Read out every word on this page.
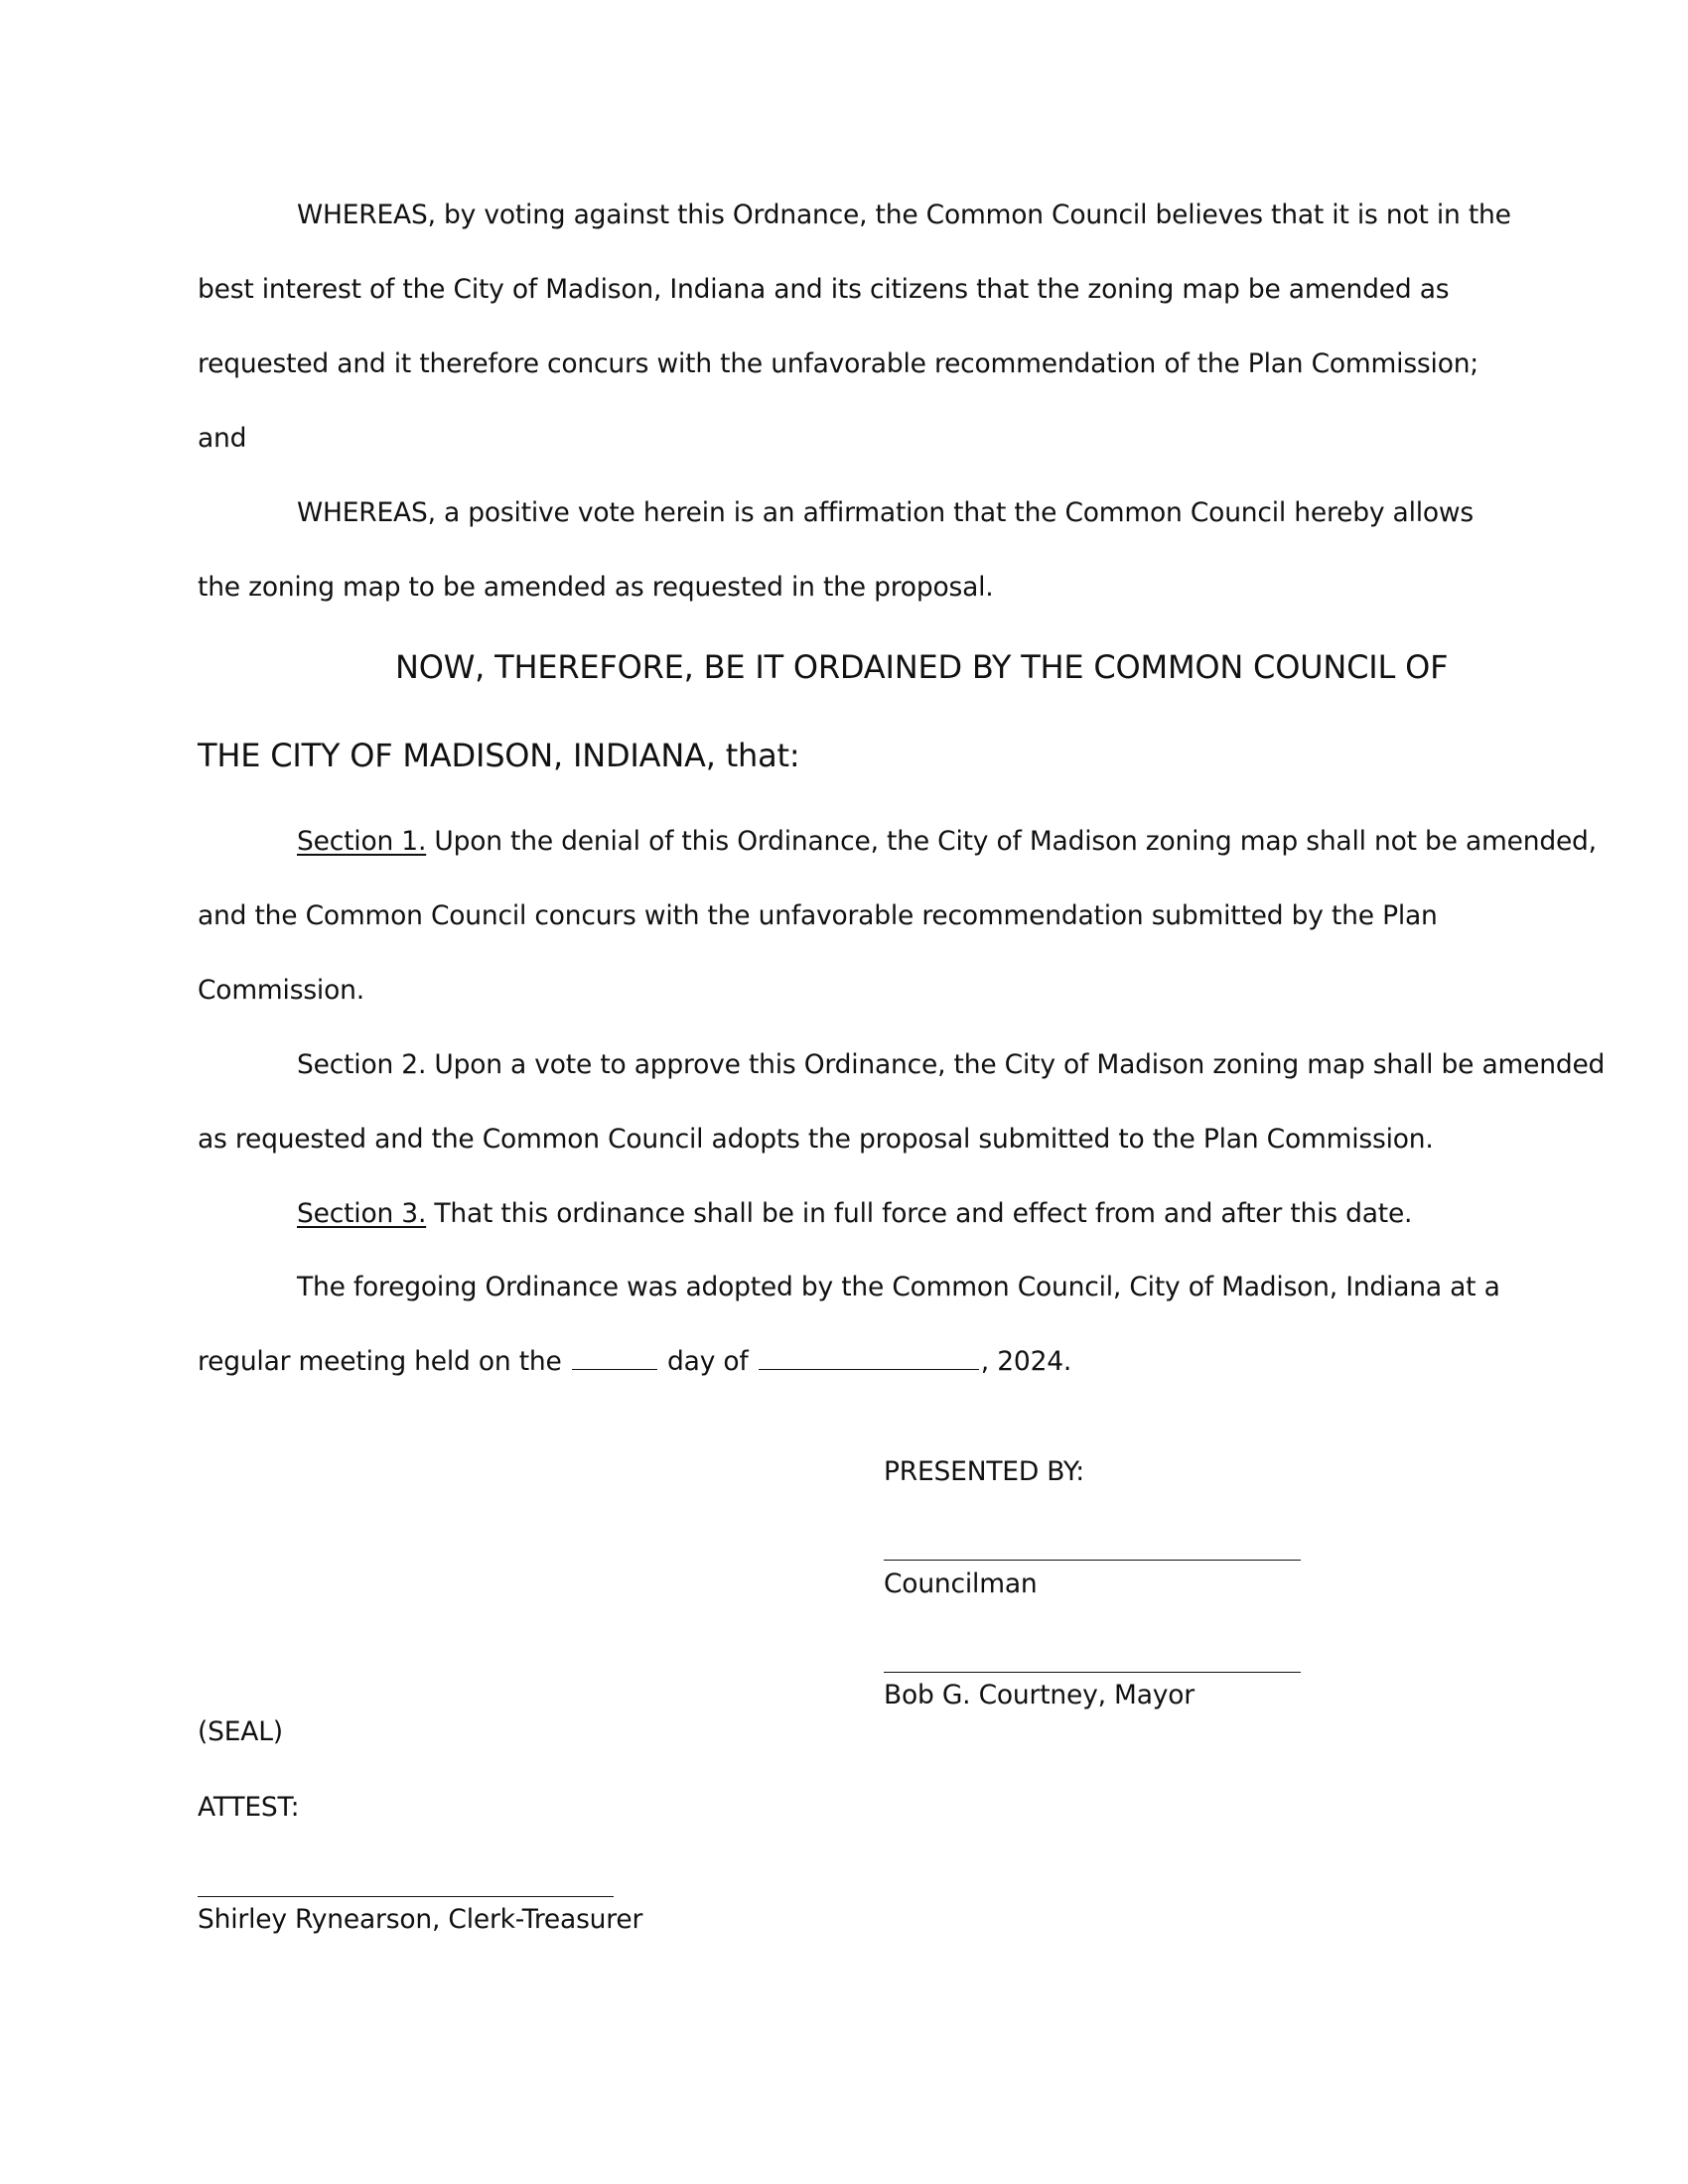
WHEREAS, by voting against this Ordnance, the Common Council believes that it is not in the
best interest of the City of Madison, Indiana and its citizens that the zoning map be amended as
requested and it therefore concurs with the unfavorable recommendation of the Plan Commission;
and
WHEREAS, a positive vote herein is an affirmation that the Common Council hereby allows
the zoning map to be amended as requested in the proposal.
NOW, THEREFORE, BE IT ORDAINED BY THE COMMON COUNCIL OF
THE CITY OF MADISON, INDIANA, that:
Section 1. Upon the denial of this Ordinance, the City of Madison zoning map shall not be amended,
and the Common Council concurs with the unfavorable recommendation submitted by the Plan
Commission.
Section 2. Upon a vote to approve this Ordinance, the City of Madison zoning map shall be amended
as requested and the Common Council adopts the proposal submitted to the Plan Commission.
Section 3. That this ordinance shall be in full force and effect from and after this date.
The foregoing Ordinance was adopted by the Common Council, City of Madison, Indiana at a
regular meeting held on the	day of	, 2024.
PRESENTED BY:
Councilman
Bob G. Courtney, Mayor
(SEAL)
ATTEST:
Shirley Rynearson, Clerk-Treasurer
